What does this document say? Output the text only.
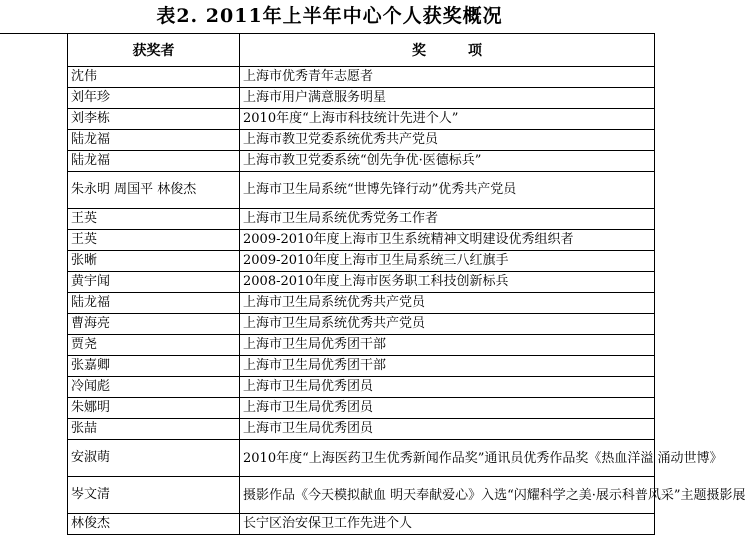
表2. 2011年上半年中心个人获奖概况
获奖者	奖　　　项
沈伟	上海市优秀青年志愿者
刘年珍	上海市用户满意服务明星
刘李栋	2010年度“上海市科技统计先进个人”
陆龙福	上海市教卫党委系统优秀共产党员
陆龙福	上海市教卫党委系统“创先争优·医德标兵”
朱永明 周国平 林俊杰	上海市卫生局系统“世博先锋行动”优秀共产党员
王英	上海市卫生局系统优秀党务工作者
王英	2009-2010年度上海市卫生系统精神文明建设优秀组织者
张晰	2009-2010年度上海市卫生局系统三八红旗手
黄宇闻	2008-2010年度上海市医务职工科技创新标兵
陆龙福	上海市卫生局系统优秀共产党员
曹海亮	上海市卫生局系统优秀共产党员
贾尧	上海市卫生局优秀团干部
张嘉卿	上海市卫生局优秀团干部
冷闻彪	上海市卫生局优秀团员
朱娜明	上海市卫生局优秀团员
张喆	上海市卫生局优秀团员
安淑萌	2010年度“上海医药卫生优秀新闻作品奖”通讯员优秀作品奖《热血洋溢 涌动世博》
岑文清	摄影作品《今天模拟献血 明天奉献爱心》入选“闪耀科学之美·展示科普风采”主题摄影展
林俊杰	长宁区治安保卫工作先进个人
